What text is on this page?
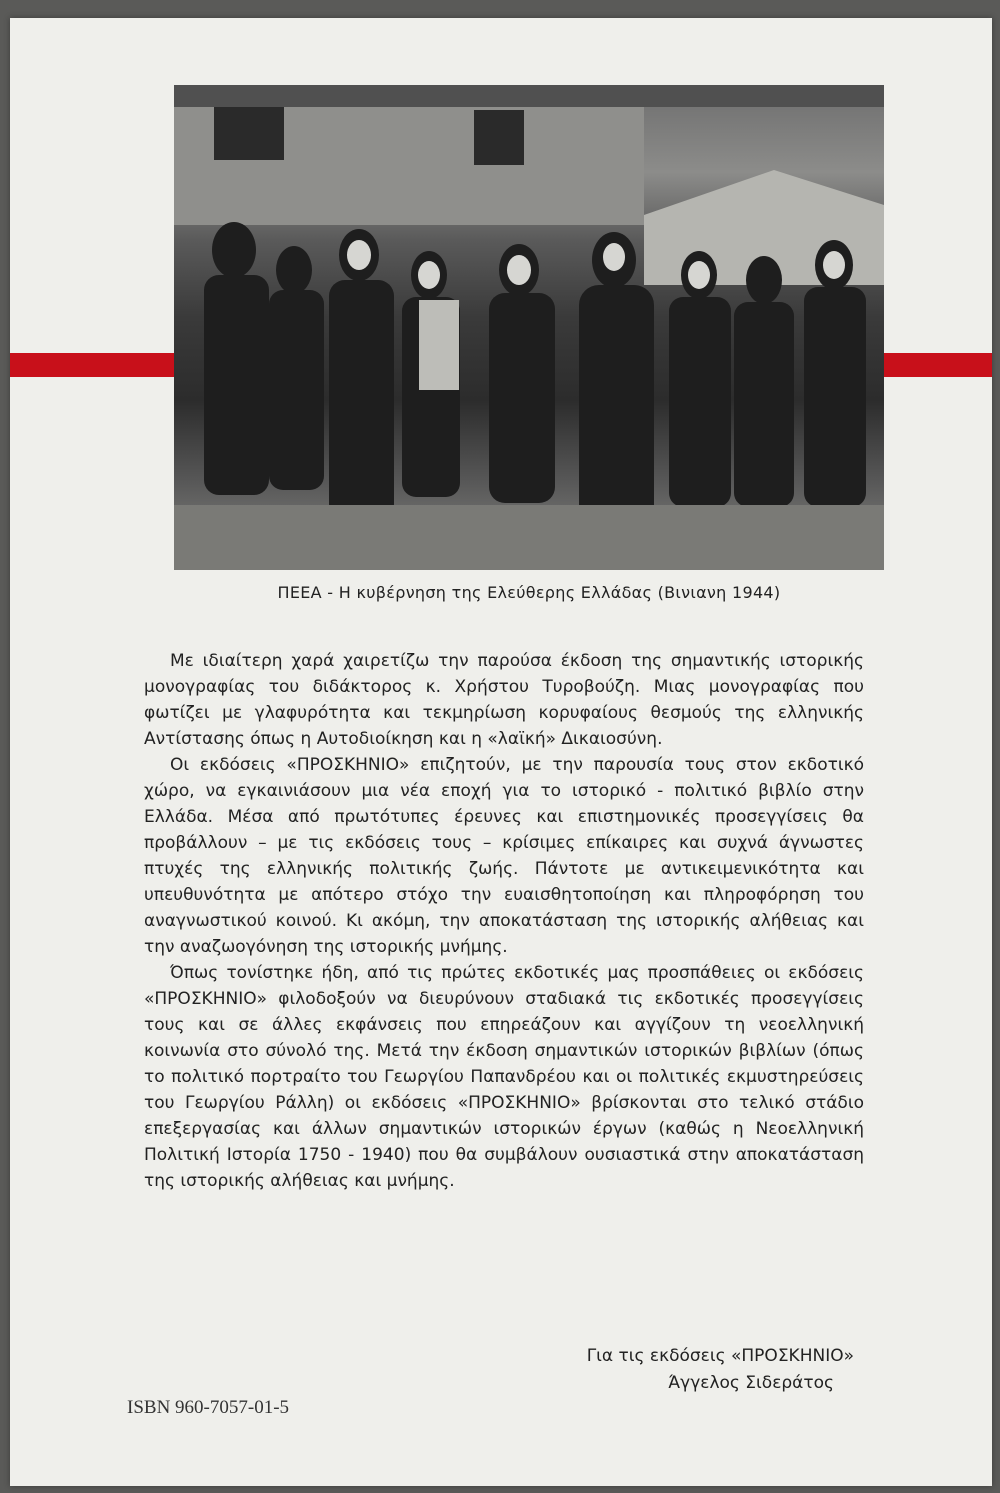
ΠΕΕΑ - Η κυβέρνηση της Ελεύθερης Ελλάδας (Βινιανη 1944)

Με ιδιαίτερη χαρά χαιρετίζω την παρούσα έκδοση της σημαντικής ιστορικής μονογραφίας του διδάκτορος κ. Χρήστου Τυροβούζη. Μιας μονογραφίας που φωτίζει με γλαφυρότητα και τεκμηρίωση κορυφαίους θεσμούς της ελληνικής Αντίστασης όπως η Αυτοδιοίκηση και η «λαϊκή» Δικαιοσύνη.

Οι εκδόσεις «ΠΡΟΣΚΗΝΙΟ» επιζητούν, με την παρουσία τους στον εκδοτικό χώρο, να εγκαινιάσουν μια νέα εποχή για το ιστορικό - πολιτικό βιβλίο στην Ελλάδα. Μέσα από πρωτότυπες έρευνες και επιστημονικές προσεγγίσεις θα προβάλλουν – με τις εκδόσεις τους – κρίσιμες επίκαιρες και συχνά άγνωστες πτυχές της ελληνικής πολιτικής ζωής. Πάντοτε με αντικειμενικότητα και υπευθυνότητα με απότερο στόχο την ευαισθητοποίηση και πληροφόρηση του αναγνωστικού κοινού. Κι ακόμη, την αποκατάσταση της ιστορικής αλήθειας και την αναζωογόνηση της ιστορικής μνήμης.

Όπως τονίστηκε ήδη, από τις πρώτες εκδοτικές μας προσπάθειες οι εκδόσεις «ΠΡΟΣΚΗΝΙΟ» φιλοδοξούν να διευρύνουν σταδιακά τις εκδοτικές προσεγγίσεις τους και σε άλλες εκφάνσεις που επηρεάζουν και αγγίζουν τη νεοελληνική κοινωνία στο σύνολό της. Μετά την έκδοση σημαντικών ιστορικών βιβλίων (όπως το πολιτικό πορτραίτο του Γεωργίου Παπανδρέου και οι πολιτικές εκμυστηρεύσεις του Γεωργίου Ράλλη) οι εκδόσεις «ΠΡΟΣΚΗΝΙΟ» βρίσκονται στο τελικό στάδιο επεξεργασίας και άλλων σημαντικών ιστορικών έργων (καθώς η Νεοελληνική Πολιτική Ιστορία 1750 - 1940) που θα συμβάλουν ουσιαστικά στην αποκατάσταση της ιστορικής αλήθειας και μνήμης.

Για τις εκδόσεις «ΠΡΟΣΚΗΝΙΟ»
Άγγελος Σιδεράτος
ISBN 960-7057-01-5
